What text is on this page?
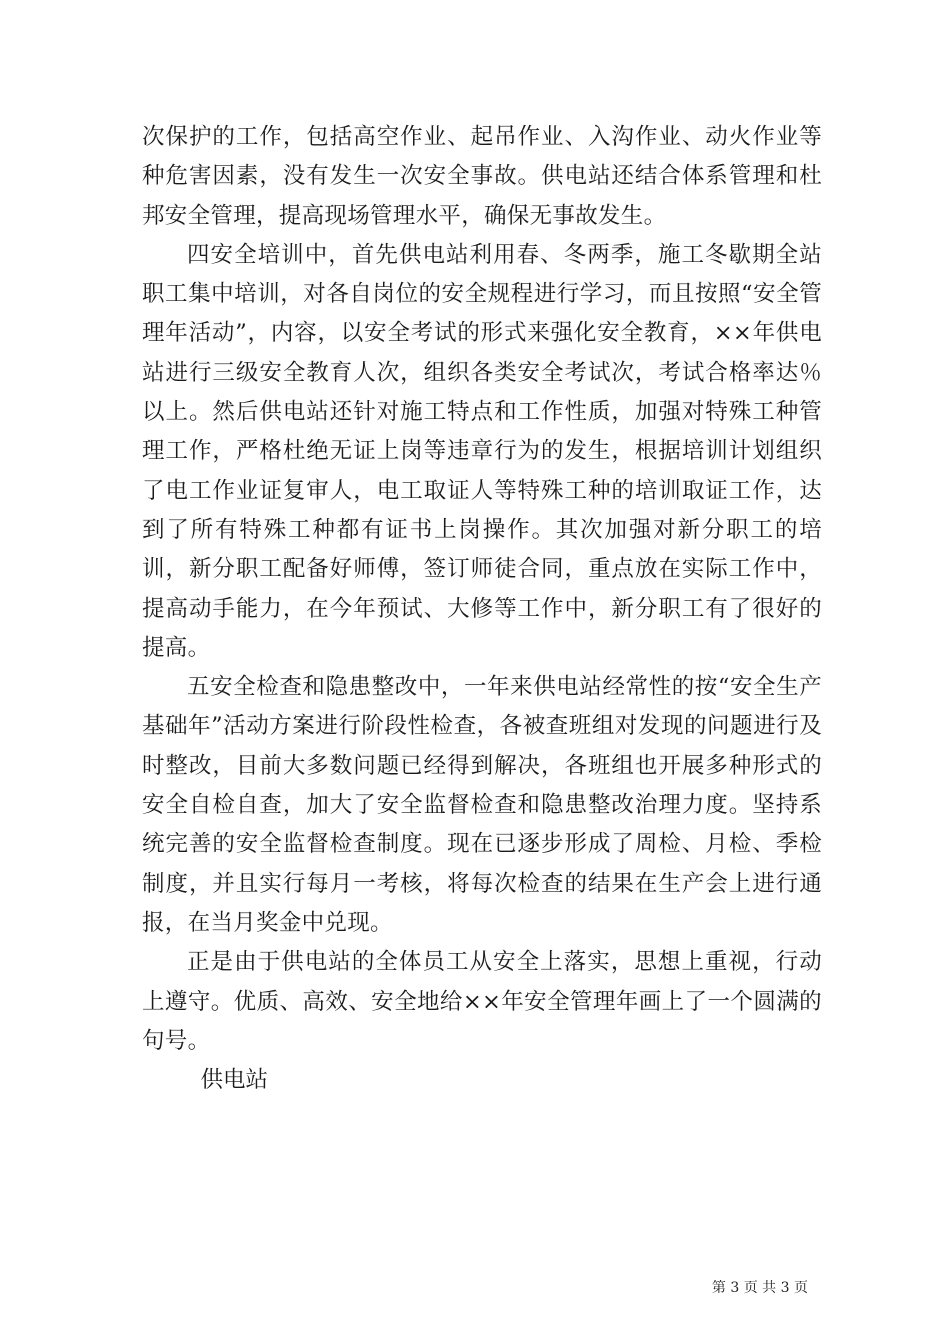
次保护的工作，包括高空作业、起吊作业、入沟作业、动火作业等种危害因素，没有发生一次安全事故。供电站还结合体系管理和杜邦安全管理，提高现场管理水平，确保无事故发生。

四安全培训中，首先供电站利用春、冬两季，施工冬歇期全站职工集中培训，对各自岗位的安全规程进行学习，而且按照“安全管理年活动”，内容，以安全考试的形式来强化安全教育，××年供电站进行三级安全教育人次，组织各类安全考试次，考试合格率达％以上。然后供电站还针对施工特点和工作性质，加强对特殊工种管理工作，严格杜绝无证上岗等违章行为的发生，根据培训计划组织了电工作业证复审人，电工取证人等特殊工种的培训取证工作，达到了所有特殊工种都有证书上岗操作。其次加强对新分职工的培训，新分职工配备好师傅，签订师徒合同，重点放在实际工作中，提高动手能力，在今年预试、大修等工作中，新分职工有了很好的提高。

五安全检查和隐患整改中，一年来供电站经常性的按“安全生产基础年”活动方案进行阶段性检查，各被查班组对发现的问题进行及时整改，目前大多数问题已经得到解决，各班组也开展多种形式的安全自检自查，加大了安全监督检查和隐患整改治理力度。坚持系统完善的安全监督检查制度。现在已逐步形成了周检、月检、季检制度，并且实行每月一考核，将每次检查的结果在生产会上进行通报，在当月奖金中兑现。

正是由于供电站的全体员工从安全上落实，思想上重视，行动上遵守。优质、高效、安全地给××年安全管理年画上了一个圆满的句号。

供电站

第 3 页 共 3 页
